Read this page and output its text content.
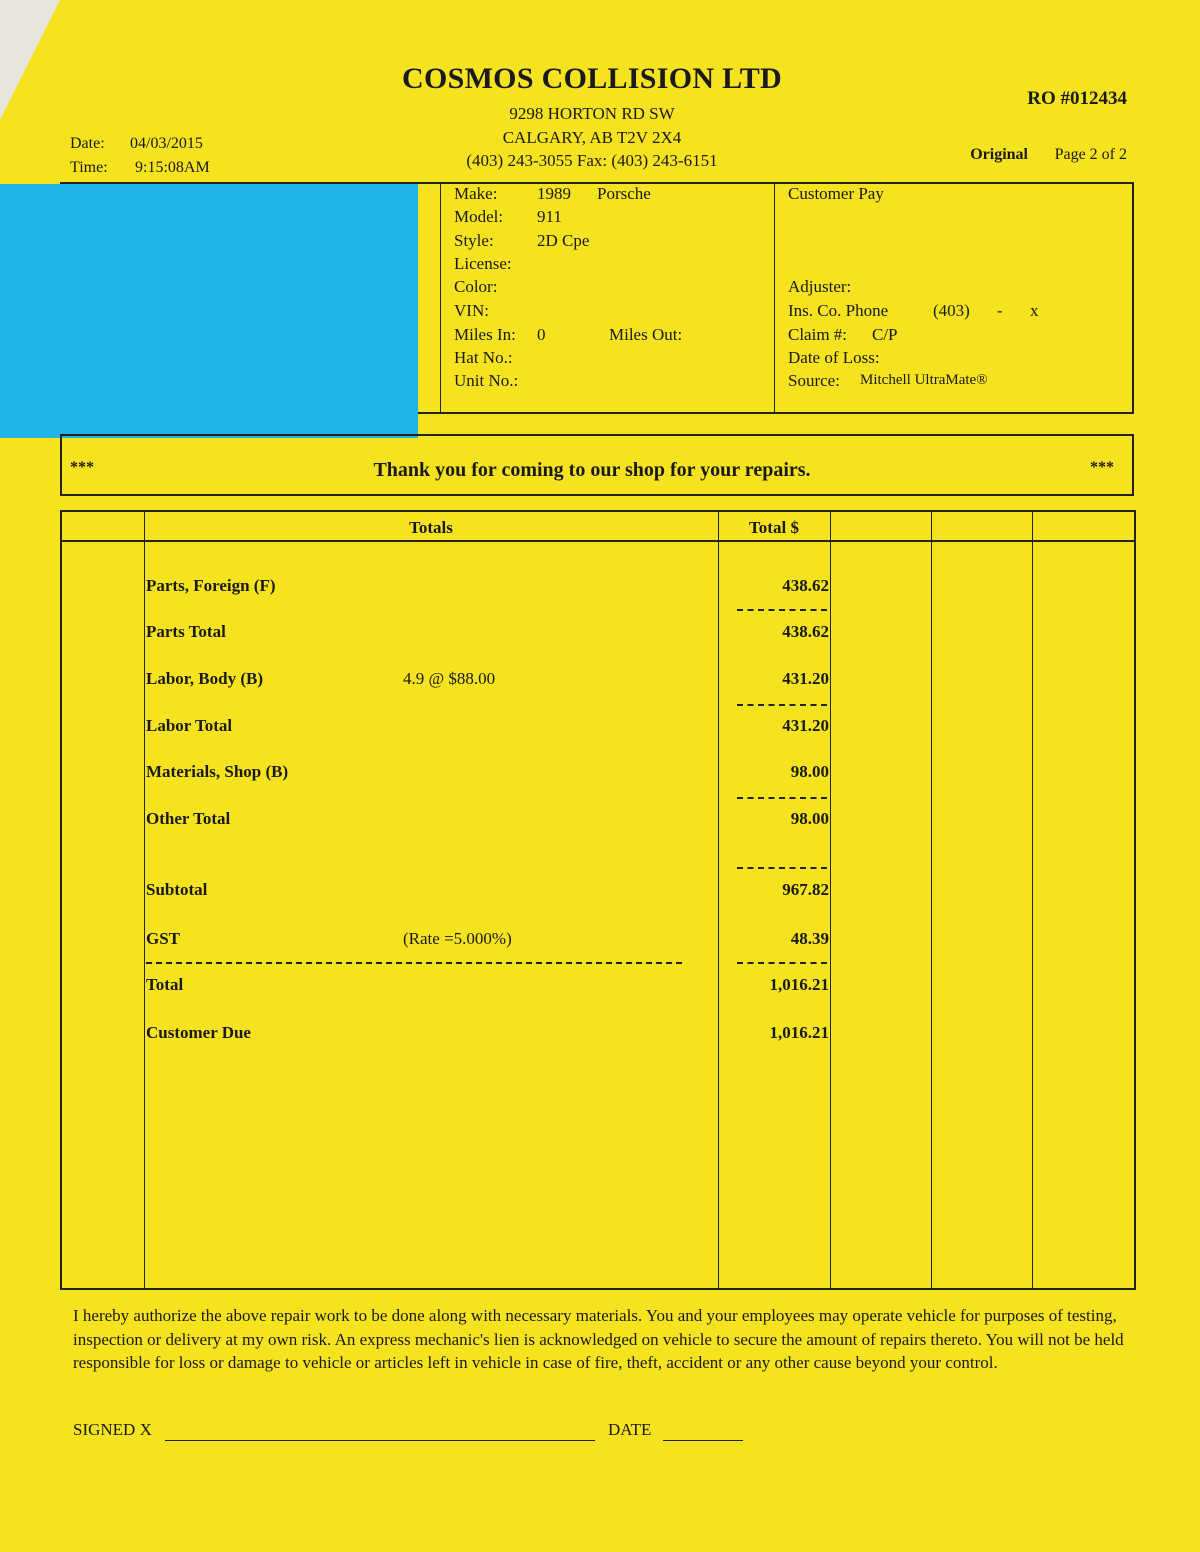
COSMOS COLLISION LTD
9298 HORTON RD SW
CALGARY, AB T2V 2X4
(403) 243-3055 Fax: (403) 243-6151
RO #012434
Original Page 2 of 2
Date: 04/03/2015
Time: 9:15:08AM
Make: 1989 Porsche
Model: 911
Style:	2D Cpe
License:
Color:
VIN:
Miles In: 0	Miles Out:
Hat No.:
Unit No.:
Customer Pay
Adjuster:
Ins. Co. Phone	(403) - x
Claim #: C/P
Date of Loss:
Source: Mitchell UltraMate®
***	Thank you for coming to our shop for your repairs.	***
Totals	Total $
Parts, Foreign (F)	438.62
Parts Total	438.62
Labor, Body (B)	4.9 @ $88.00	431.20
Labor Total	431.20
Materials, Shop (B)	98.00
Other Total	98.00
Subtotal	967.82
GST	(Rate =5.000%)	48.39
Total	1,016.21
Customer Due	1,016.21
I hereby authorize the above repair work to be done along with necessary materials. You and your employees may operate vehicle for purposes of testing, inspection or delivery at my own risk. An express mechanic's lien is acknowledged on vehicle to secure the amount of repairs thereto. You will not be held responsible for loss or damage to vehicle or articles left in vehicle in case of fire, theft, accident or any other cause beyond your control.
SIGNED X	DATE
